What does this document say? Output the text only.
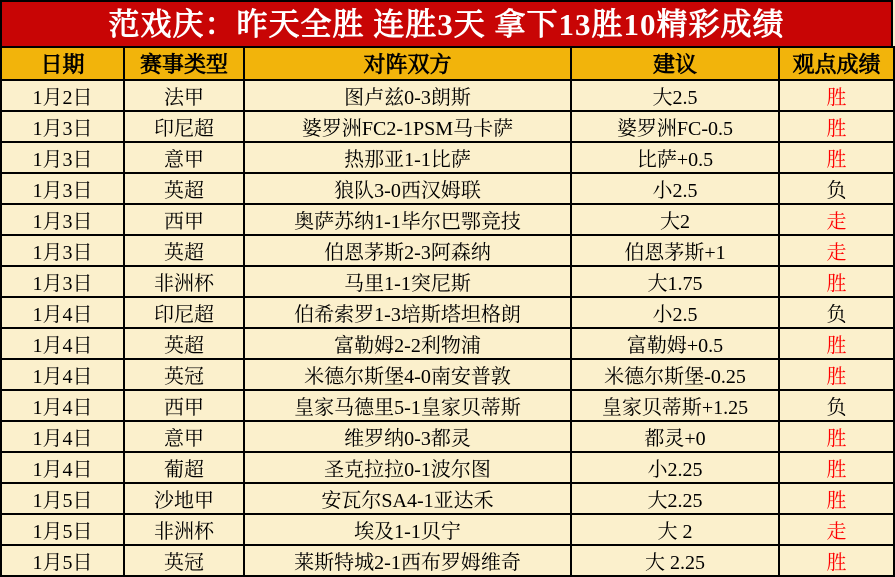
范戏庆：昨天全胜 连胜3天 拿下13胜10精彩成绩
日期	赛事类型	对阵双方	建议	观点成绩
1月2日	法甲	图卢兹0-3朗斯	大2.5	胜
1月3日	印尼超	婆罗洲FC2-1PSM马卡萨	婆罗洲FC-0.5	胜
1月3日	意甲	热那亚1-1比萨	比萨+0.5	胜
1月3日	英超	狼队3-0西汉姆联	小2.5	负
1月3日	西甲	奥萨苏纳1-1毕尔巴鄂竞技	大2	走
1月3日	英超	伯恩茅斯2-3阿森纳	伯恩茅斯+1	走
1月3日	非洲杯	马里1-1突尼斯	大1.75	胜
1月4日	印尼超	伯希索罗1-3培斯塔坦格朗	小2.5	负
1月4日	英超	富勒姆2-2利物浦	富勒姆+0.5	胜
1月4日	英冠	米德尔斯堡4-0南安普敦	米德尔斯堡-0.25	胜
1月4日	西甲	皇家马德里5-1皇家贝蒂斯	皇家贝蒂斯+1.25	负
1月4日	意甲	维罗纳0-3都灵	都灵+0	胜
1月4日	葡超	圣克拉拉0-1波尔图	小2.25	胜
1月5日	沙地甲	安瓦尔SA4-1亚达禾	大2.25	胜
1月5日	非洲杯	埃及1-1贝宁	大 2	走
1月5日	英冠	莱斯特城2-1西布罗姆维奇	大 2.25	胜
